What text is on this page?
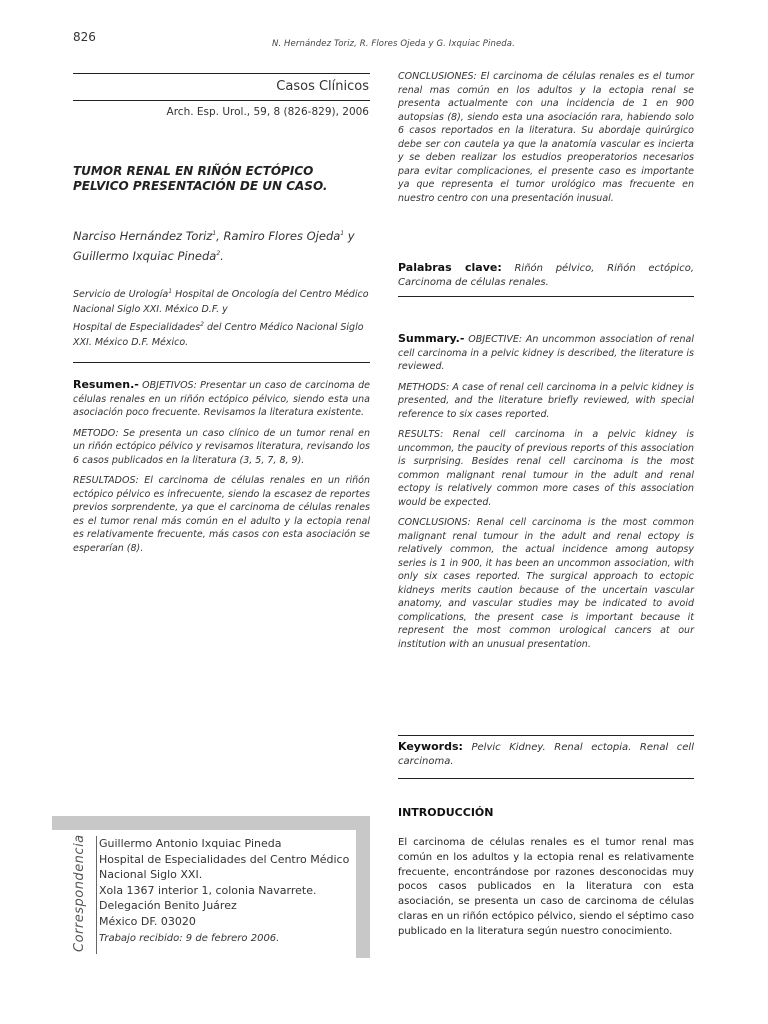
826	N. Hernández Toriz, R. Flores Ojeda y G. Ixquiac Pineda.
Casos Clínicos
Arch. Esp. Urol., 59, 8 (826-829), 2006
TUMOR RENAL EN RIÑÓN ECTÓPICO PELVICO PRESENTACIÓN DE UN CASO.
Narciso Hernández Toriz$^1$, Ramiro Flores Ojeda$^1$ y
Guillermo Ixquiac Pineda$^2$.
Servicio de Urología$^1$ Hospital de Oncología del Centro Médico Nacional Siglo XXI. México D.F. y
Hospital de Especialidades$^2$ del Centro Médico Nacional Siglo XXI. México D.F. México.

Resumen.- OBJETIVOS: Presentar un caso de carcinoma de células renales en un riñón ectópico pélvico, siendo esta una asociación poco frecuente. Revisamos la literatura existente.

METODO: Se presenta un caso clínico de un tumor renal en un riñón ectópico pélvico y revisamos literatura, revisando los 6 casos publicados en la literatura (3, 5, 7, 8, 9).

RESULTADOS: El carcinoma de células renales en un riñón ectópico pélvico es infrecuente, siendo la escasez de reportes previos sorprendente, ya que el carcinoma de células renales es el tumor renal más común en el adulto y la ectopia renal es relativamente frecuente, más casos con esta asociación se esperarían (8).

CONCLUSIONES: El carcinoma de células renales es el tumor renal mas común en los adultos y la ectopia renal se presenta actualmente con una incidencia de 1 en 900 autopsias (8), siendo esta una asociación rara, habiendo solo 6 casos reportados en la literatura. Su abordaje quirúrgico debe ser con cautela ya que la anatomía vascular es incierta y se deben realizar los estudios preoperatorios necesarios para evitar complicaciones, el presente caso es importante ya que representa el tumor urológico mas frecuente en nuestro centro con una presentación inusual.

Palabras clave: Riñón pélvico, Riñón ectópico, Carcinoma de células renales.

Summary.- OBJECTIVE: An uncommon association of renal cell carcinoma in a pelvic kidney is described, the literature is reviewed.

METHODS: A case of renal cell carcinoma in a pelvic kidney is presented, and the literature briefly reviewed, with special reference to six cases reported.

RESULTS: Renal cell carcinoma in a pelvic kidney is uncommon, the paucity of previous reports of this association is surprising. Besides renal cell carcinoma is the most common malignant renal tumour in the adult and renal ectopy is relatively common more cases of this association would be expected.

CONCLUSIONS: Renal cell carcinoma is the most common malignant renal tumour in the adult and renal ectopy is relatively common, the actual incidence among autopsy series is 1 in 900, it has been an uncommon association, with only six cases reported. The surgical approach to ectopic kidneys merits caution because of the uncertain vascular anatomy, and vascular studies may be indicated to avoid complications, the present case is important because it represent the most common urological cancers at our institution with an unusual presentation.

Keywords: Pelvic Kidney. Renal ectopia. Renal cell carcinoma.

INTRODUCCIÓN
El carcinoma de células renales es el tumor renal mas común en los adultos y la ectopia renal es relativamente frecuente, encontrándose por razones desconocidas muy pocos casos publicados en la literatura con esta asociación, se presenta un caso de carcinoma de células claras en un riñón ectópico pélvico, siendo el séptimo caso publicado en la literatura según nuestro conocimiento.
Correspondencia	Guillermo Antonio Ixquiac Pineda
Hospital de Especialidades del Centro Médico
Nacional Siglo XXI.
Xola 1367 interior 1, colonia Navarrete.
Delegación Benito Juárez
México DF. 03020
Trabajo recibido: 9 de febrero 2006.
